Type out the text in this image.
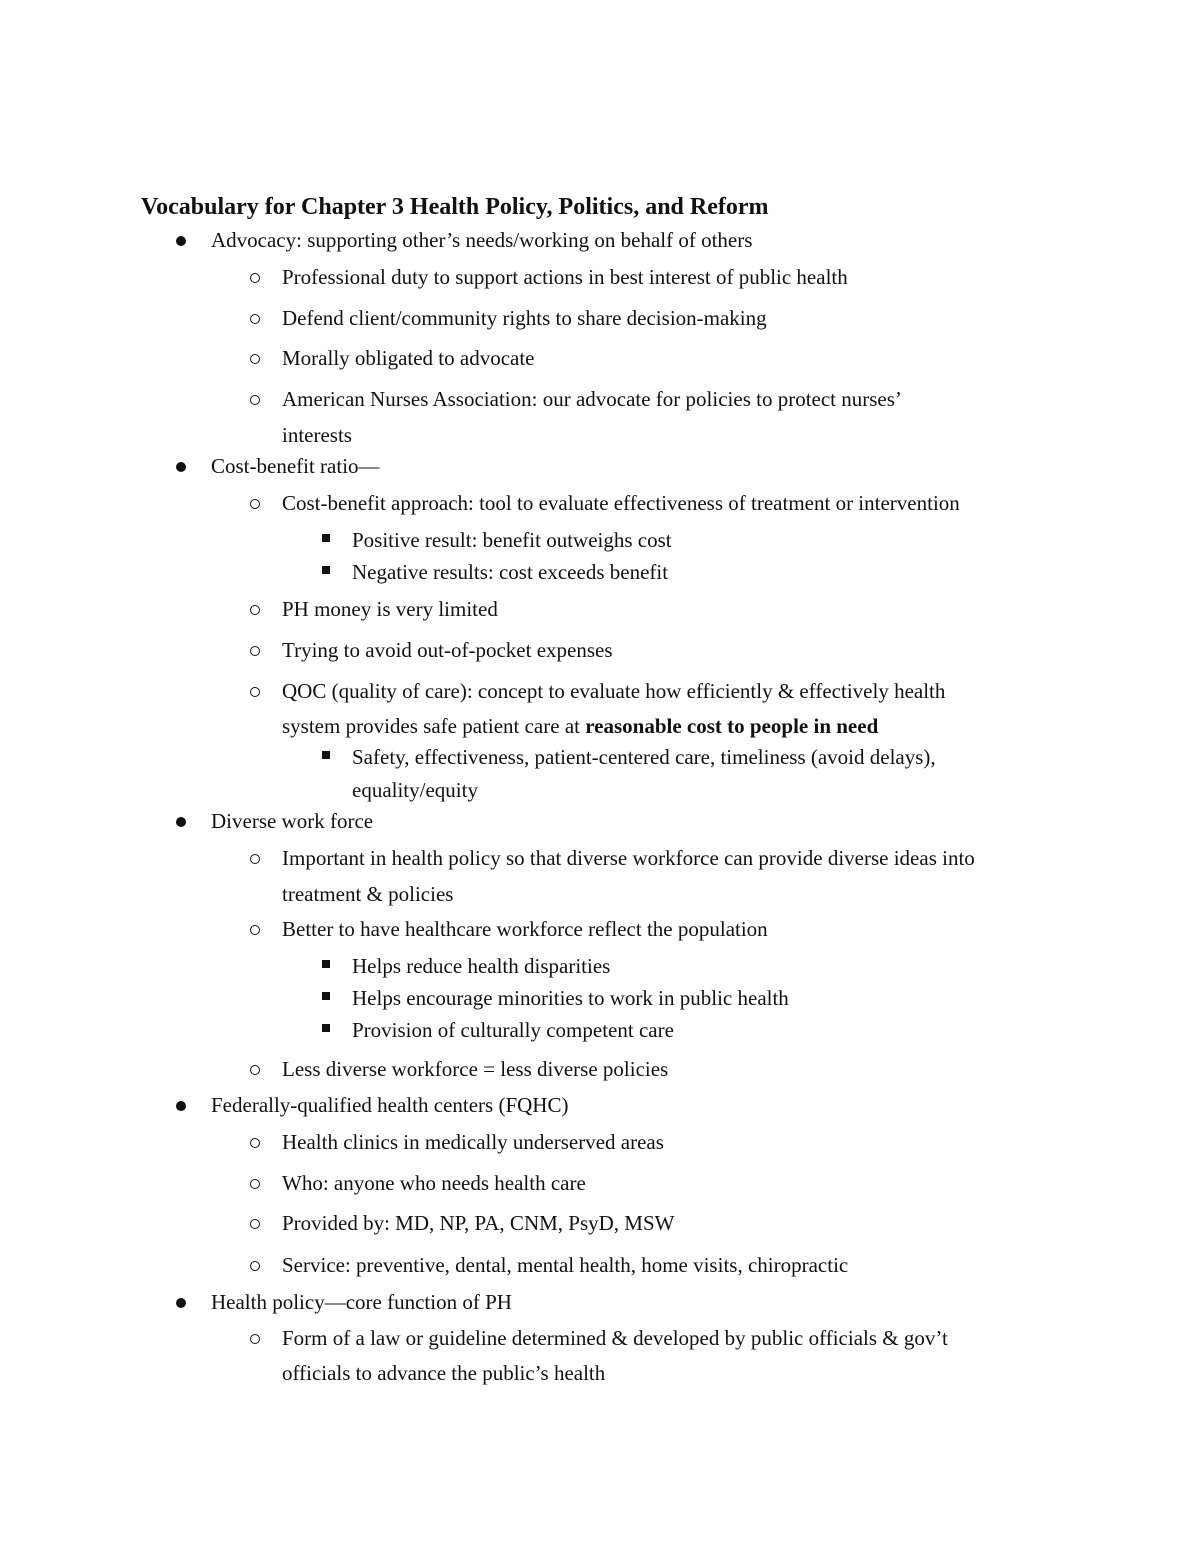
Vocabulary for Chapter 3 Health Policy, Politics, and Reform
Advocacy: supporting other’s needs/working on behalf of others
Professional duty to support actions in best interest of public health
Defend client/community rights to share decision-making
Morally obligated to advocate
American Nurses Association: our advocate for policies to protect nurses’
interests
Cost-benefit ratio—
Cost-benefit approach: tool to evaluate effectiveness of treatment or intervention
Positive result: benefit outweighs cost
Negative results: cost exceeds benefit
PH money is very limited
Trying to avoid out-of-pocket expenses
QOC (quality of care): concept to evaluate how efficiently & effectively health
system provides safe patient care at reasonable cost to people in need
Safety, effectiveness, patient-centered care, timeliness (avoid delays),
equality/equity
Diverse work force
Important in health policy so that diverse workforce can provide diverse ideas into
treatment & policies
Better to have healthcare workforce reflect the population
Helps reduce health disparities
Helps encourage minorities to work in public health
Provision of culturally competent care
Less diverse workforce = less diverse policies
Federally-qualified health centers (FQHC)
Health clinics in medically underserved areas
Who: anyone who needs health care
Provided by: MD, NP, PA, CNM, PsyD, MSW
Service: preventive, dental, mental health, home visits, chiropractic
Health policy—core function of PH
Form of a law or guideline determined & developed by public officials & gov’t
officials to advance the public’s health
